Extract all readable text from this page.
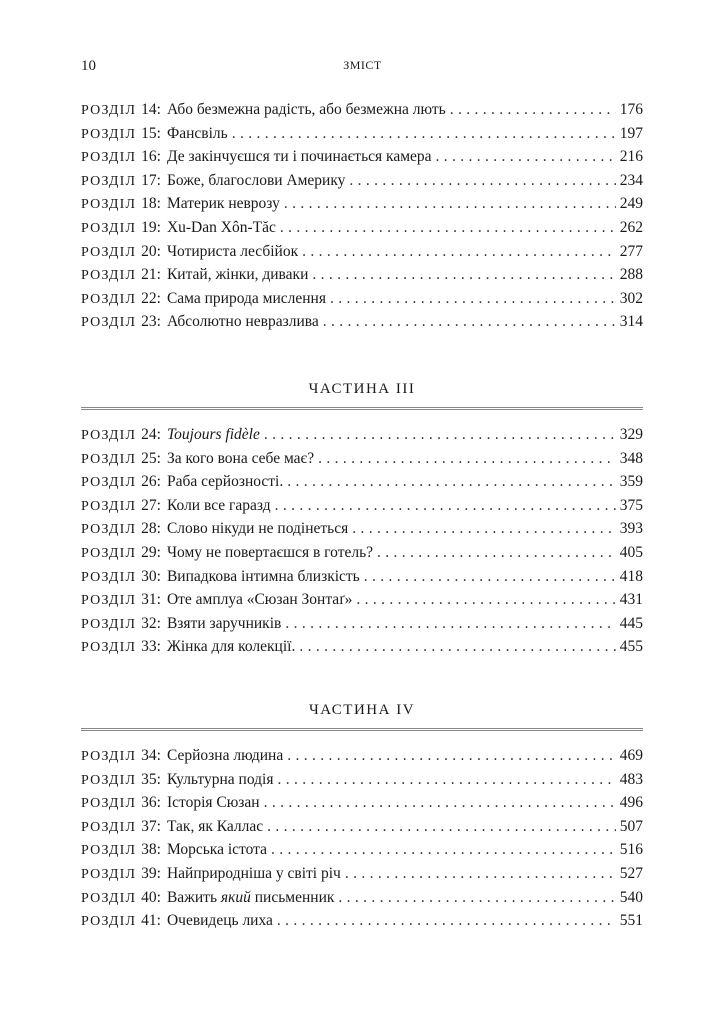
10	ЗМІСТ
РОЗДІЛ 14: Або безмежна радість, або безмежна лють . . .	176
РОЗДІЛ 15: Фансвіль . . .	197
РОЗДІЛ 16: Де закінчуєшся ти і починається камера . . .	216
РОЗДІЛ 17: Боже, благослови Америку . . .	234
РОЗДІЛ 18: Материк неврозу . . .	249
РОЗДІЛ 19: Xu-Dan Xôn-Tăc . . .	262
РОЗДІЛ 20: Чотириста лесбійок . . .	277
РОЗДІЛ 21: Китай, жінки, диваки . . .	288
РОЗДІЛ 22: Сама природа мислення . . .	302
РОЗДІЛ 23: Абсолютно невразлива . . .	314
ЧАСТИНА III
РОЗДІЛ 24: Toujours fidèle . . .	329
РОЗДІЛ 25: За кого вона себе має? . . .	348
РОЗДІЛ 26: Раба серйозності. . . .	359
РОЗДІЛ 27: Коли все гаразд . . .	375
РОЗДІЛ 28: Слово нікуди не подінеться . . .	393
РОЗДІЛ 29: Чому не повертаєшся в готель? . . .	405
РОЗДІЛ 30: Випадкова інтимна близкість . . .	418
РОЗДІЛ 31: Оте амплуа «Сюзан Зонтаґ» . . .	431
РОЗДІЛ 32: Взяти заручників . . .	445
РОЗДІЛ 33: Жінка для колекції. . . .	455
ЧАСТИНА IV
РОЗДІЛ 34: Серйозна людина . . .	469
РОЗДІЛ 35: Культурна подія . . .	483
РОЗДІЛ 36: Історія Сюзан . . .	496
РОЗДІЛ 37: Так, як Каллас . . .	507
РОЗДІЛ 38: Морська істота . . .	516
РОЗДІЛ 39: Найприродніша у світі річ . . .	527
РОЗДІЛ 40: Важить який письменник . . .	540
РОЗДІЛ 41: Очевидець лиха . . .	551
